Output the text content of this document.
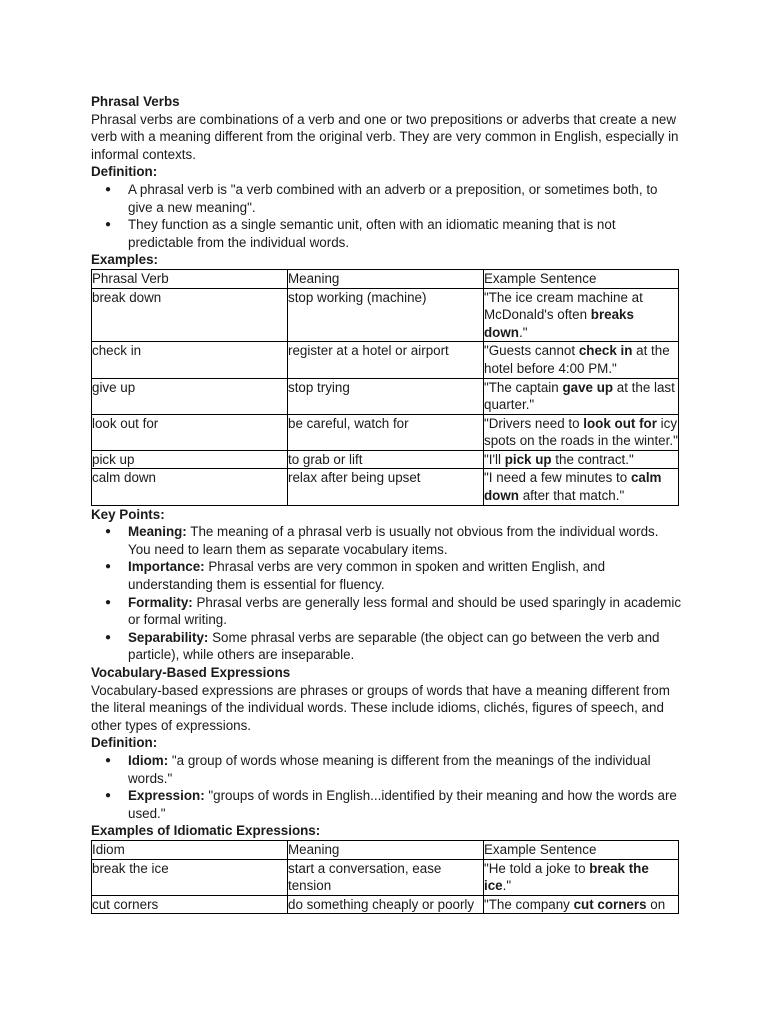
Phrasal Verbs

Phrasal verbs are combinations of a verb and one or two prepositions or adverbs that create a new verb with a meaning different from the original verb. They are very common in English, especially in informal contexts.

Definition:

● A phrasal verb is "a verb combined with an adverb or a preposition, or sometimes both, to give a new meaning".
● They function as a single semantic unit, often with an idiomatic meaning that is not predictable from the individual words.

Examples:

Phrasal Verb	Meaning	Example Sentence
break down	stop working (machine)	"The ice cream machine at McDonald's often breaks down."
check in	register at a hotel or airport	"Guests cannot check in at the hotel before 4:00 PM."
give up	stop trying	"The captain gave up at the last quarter."
look out for	be careful, watch for	"Drivers need to look out for icy spots on the roads in the winter."
pick up	to grab or lift	"I'll pick up the contract."
calm down	relax after being upset	"I need a few minutes to calm down after that match."

Key Points:

● Meaning: The meaning of a phrasal verb is usually not obvious from the individual words. You need to learn them as separate vocabulary items.
● Importance: Phrasal verbs are very common in spoken and written English, and understanding them is essential for fluency.
● Formality: Phrasal verbs are generally less formal and should be used sparingly in academic or formal writing.
● Separability: Some phrasal verbs are separable (the object can go between the verb and particle), while others are inseparable.

Vocabulary-Based Expressions

Vocabulary-based expressions are phrases or groups of words that have a meaning different from the literal meanings of the individual words. These include idioms, clichés, figures of speech, and other types of expressions.

Definition:

● Idiom: "a group of words whose meaning is different from the meanings of the individual words."
● Expression: "groups of words in English...identified by their meaning and how the words are used."

Examples of Idiomatic Expressions:

Idiom	Meaning	Example Sentence
break the ice	start a conversation, ease tension	"He told a joke to break the ice."
cut corners	do something cheaply or poorly	"The company cut corners on
